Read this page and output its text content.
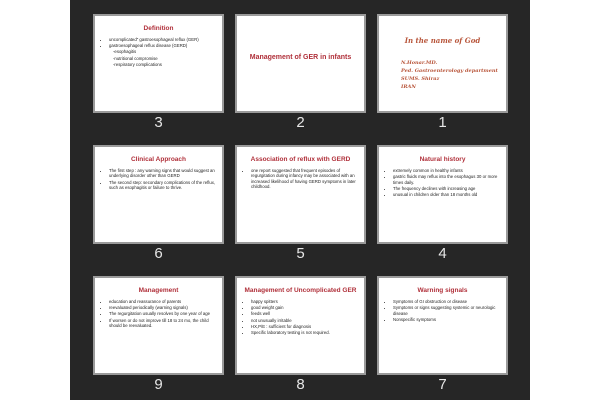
In the name of God
N.Honar.MD.
Ped. Gastroenterology department
SUMS. Shiraz
IRAN
1
Management of GER in infants
2
Definition
• uncomplicated" gastroesophageal reflux (GER)
• gastroesophageal reflux disease (GERD)
-esophagitis
-nutritional compromise
-respiratory complications
3
Natural history
• extremely common in healthy infants
• gastric fluids may reflux into the esophagus 30 or more times daily.
• The frequency declines with increasing age
• unusual in children older than 18 months old
4
Association of reflux with GERD
• one report suggested that frequent episodes of regurgitation during infancy may be associated with an increased likelihood of having GERD symptoms in later childhood.
5
Clinical Approach
• The first step : any warning signs that would suggest an underlying disorder other than GERD
• The second step: secondary complications of the reflux, such as esophagitis or failure to thrive.
6
Warning signals
• Symptoms of GI obstruction or disease
• Symptoms or signs suggesting systemic or neurologic disease
• Nonspecific symptoms
7
Management of Uncomplicated GER
• happy spitters
• good weight gain
• feeds well
• not unusually irritable
• HX,P/E : sufficient for diagnosis
• Specific laboratory testing is not required.
8
Management
• education and reassurance of parents
• reevaluated periodically (warning signals)
• The regurgitation usually resolves by one year of age
• If worsen or do not improve till 18 to 24 mo, the child should be reevaluated.
9
